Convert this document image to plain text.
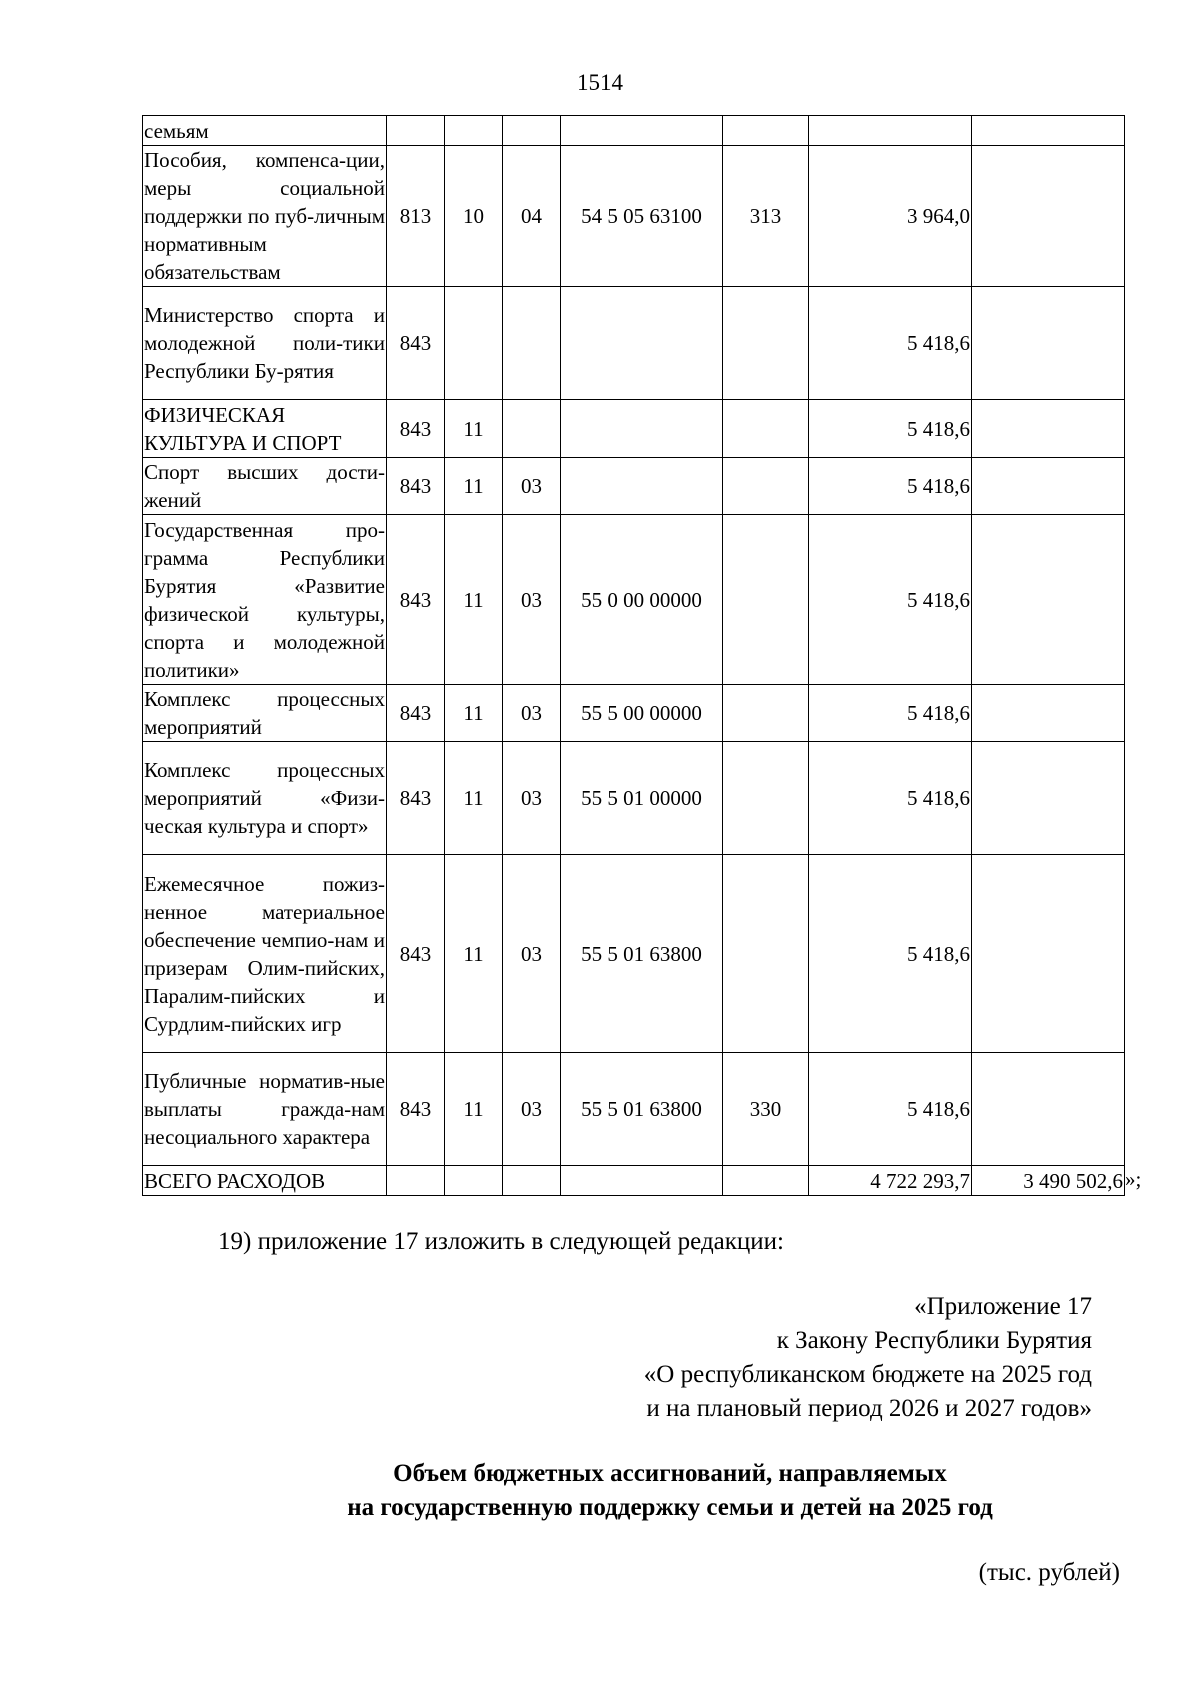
1514
семьям							
Пособия, компенса-ции, меры социальной поддержки по пуб-личным нормативным обязательствам	813	10	04	54 5 05 63100	313	3 964,0	
Министерство спорта и молодежной поли-тики Республики Бу-рятия	843					5 418,6	
ФИЗИЧЕСКАЯ КУЛЬТУРА И СПОРТ	843	11				5 418,6	
Спорт высших дости-жений	843	11	03			5 418,6	
Государственная про-грамма Республики Бурятия «Развитие физической культуры, спорта и молодежной политики»	843	11	03	55 0 00 00000		5 418,6	
Комплекс процессных мероприятий	843	11	03	55 5 00 00000		5 418,6	
Комплекс процессных мероприятий «Физи-ческая культура и спорт»	843	11	03	55 5 01 00000		5 418,6	
Ежемесячное пожиз-ненное материальное обеспечение чемпио-нам и призерам Олим-пийских, Паралим-пийских и Сурдлим-пийских игр	843	11	03	55 5 01 63800		5 418,6	
Публичные норматив-ные выплаты гражда-нам несоциального характера	843	11	03	55 5 01 63800	330	5 418,6	
ВСЕГО РАСХОДОВ						4 722 293,7	3 490 502,6 »;
19) приложение 17 изложить в следующей редакции:
«Приложение 17
к Закону Республики Бурятия
«О республиканском бюджете на 2025 год
и на плановый период 2026 и 2027 годов»
Объем бюджетных ассигнований, направляемых
на государственную поддержку семьи и детей на 2025 год
(тыс. рублей)
